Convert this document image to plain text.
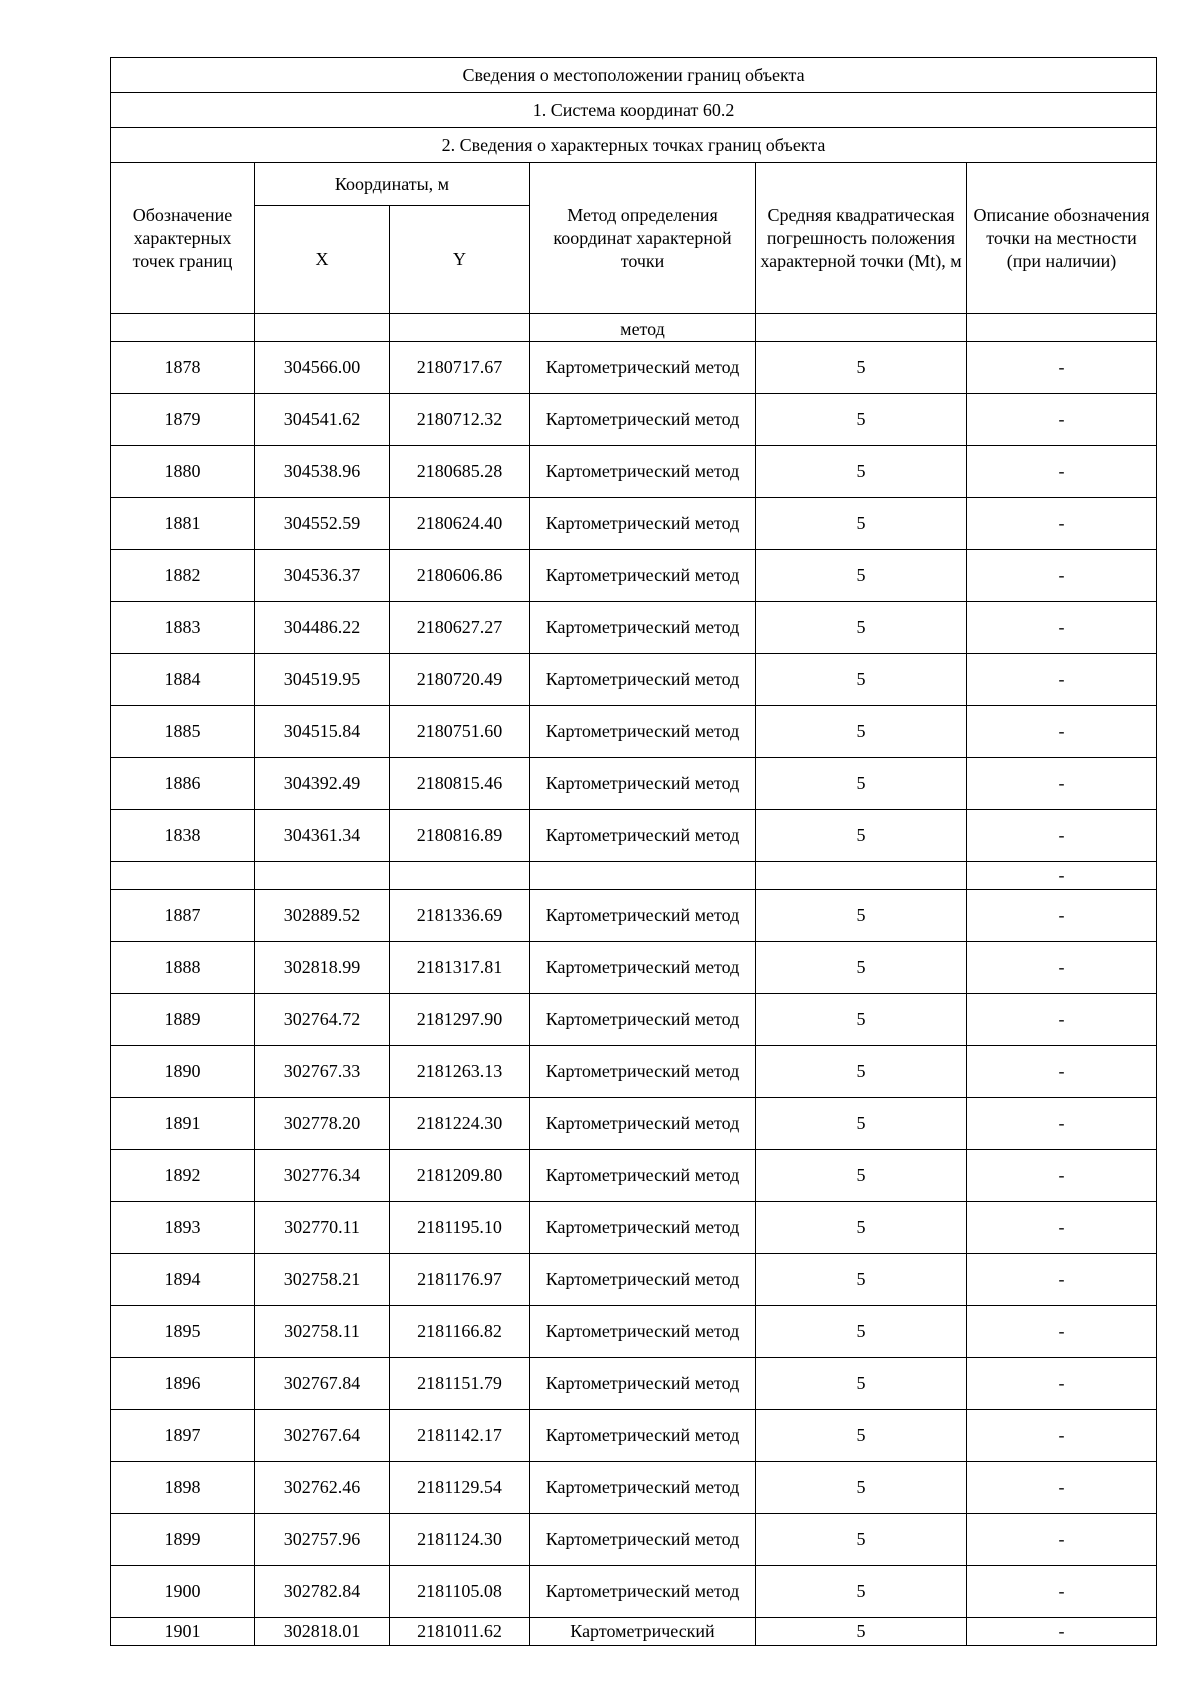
Сведения о местоположении границ объекта					
1. Система координат 60.2					
2. Сведения о характерных точках границ объекта					
Обозначение характерных точек границ	Координаты, м		Метод определения координат характерной точки	Средняя квадратическая погрешность положения характерной точки (Mt), м	Описание обозначения точки на местности (при наличии)
	X	Y			
			метод		
1878	304566.00	2180717.67	Картометрический метод	5	-
1879	304541.62	2180712.32	Картометрический метод	5	-
1880	304538.96	2180685.28	Картометрический метод	5	-
1881	304552.59	2180624.40	Картометрический метод	5	-
1882	304536.37	2180606.86	Картометрический метод	5	-
1883	304486.22	2180627.27	Картометрический метод	5	-
1884	304519.95	2180720.49	Картометрический метод	5	-
1885	304515.84	2180751.60	Картометрический метод	5	-
1886	304392.49	2180815.46	Картометрический метод	5	-
1838	304361.34	2180816.89	Картометрический метод	5	-
					-
1887	302889.52	2181336.69	Картометрический метод	5	-
1888	302818.99	2181317.81	Картометрический метод	5	-
1889	302764.72	2181297.90	Картометрический метод	5	-
1890	302767.33	2181263.13	Картометрический метод	5	-
1891	302778.20	2181224.30	Картометрический метод	5	-
1892	302776.34	2181209.80	Картометрический метод	5	-
1893	302770.11	2181195.10	Картометрический метод	5	-
1894	302758.21	2181176.97	Картометрический метод	5	-
1895	302758.11	2181166.82	Картометрический метод	5	-
1896	302767.84	2181151.79	Картометрический метод	5	-
1897	302767.64	2181142.17	Картометрический метод	5	-
1898	302762.46	2181129.54	Картометрический метод	5	-
1899	302757.96	2181124.30	Картометрический метод	5	-
1900	302782.84	2181105.08	Картометрический метод	5	-
1901	302818.01	2181011.62	Картометрический	5	-
